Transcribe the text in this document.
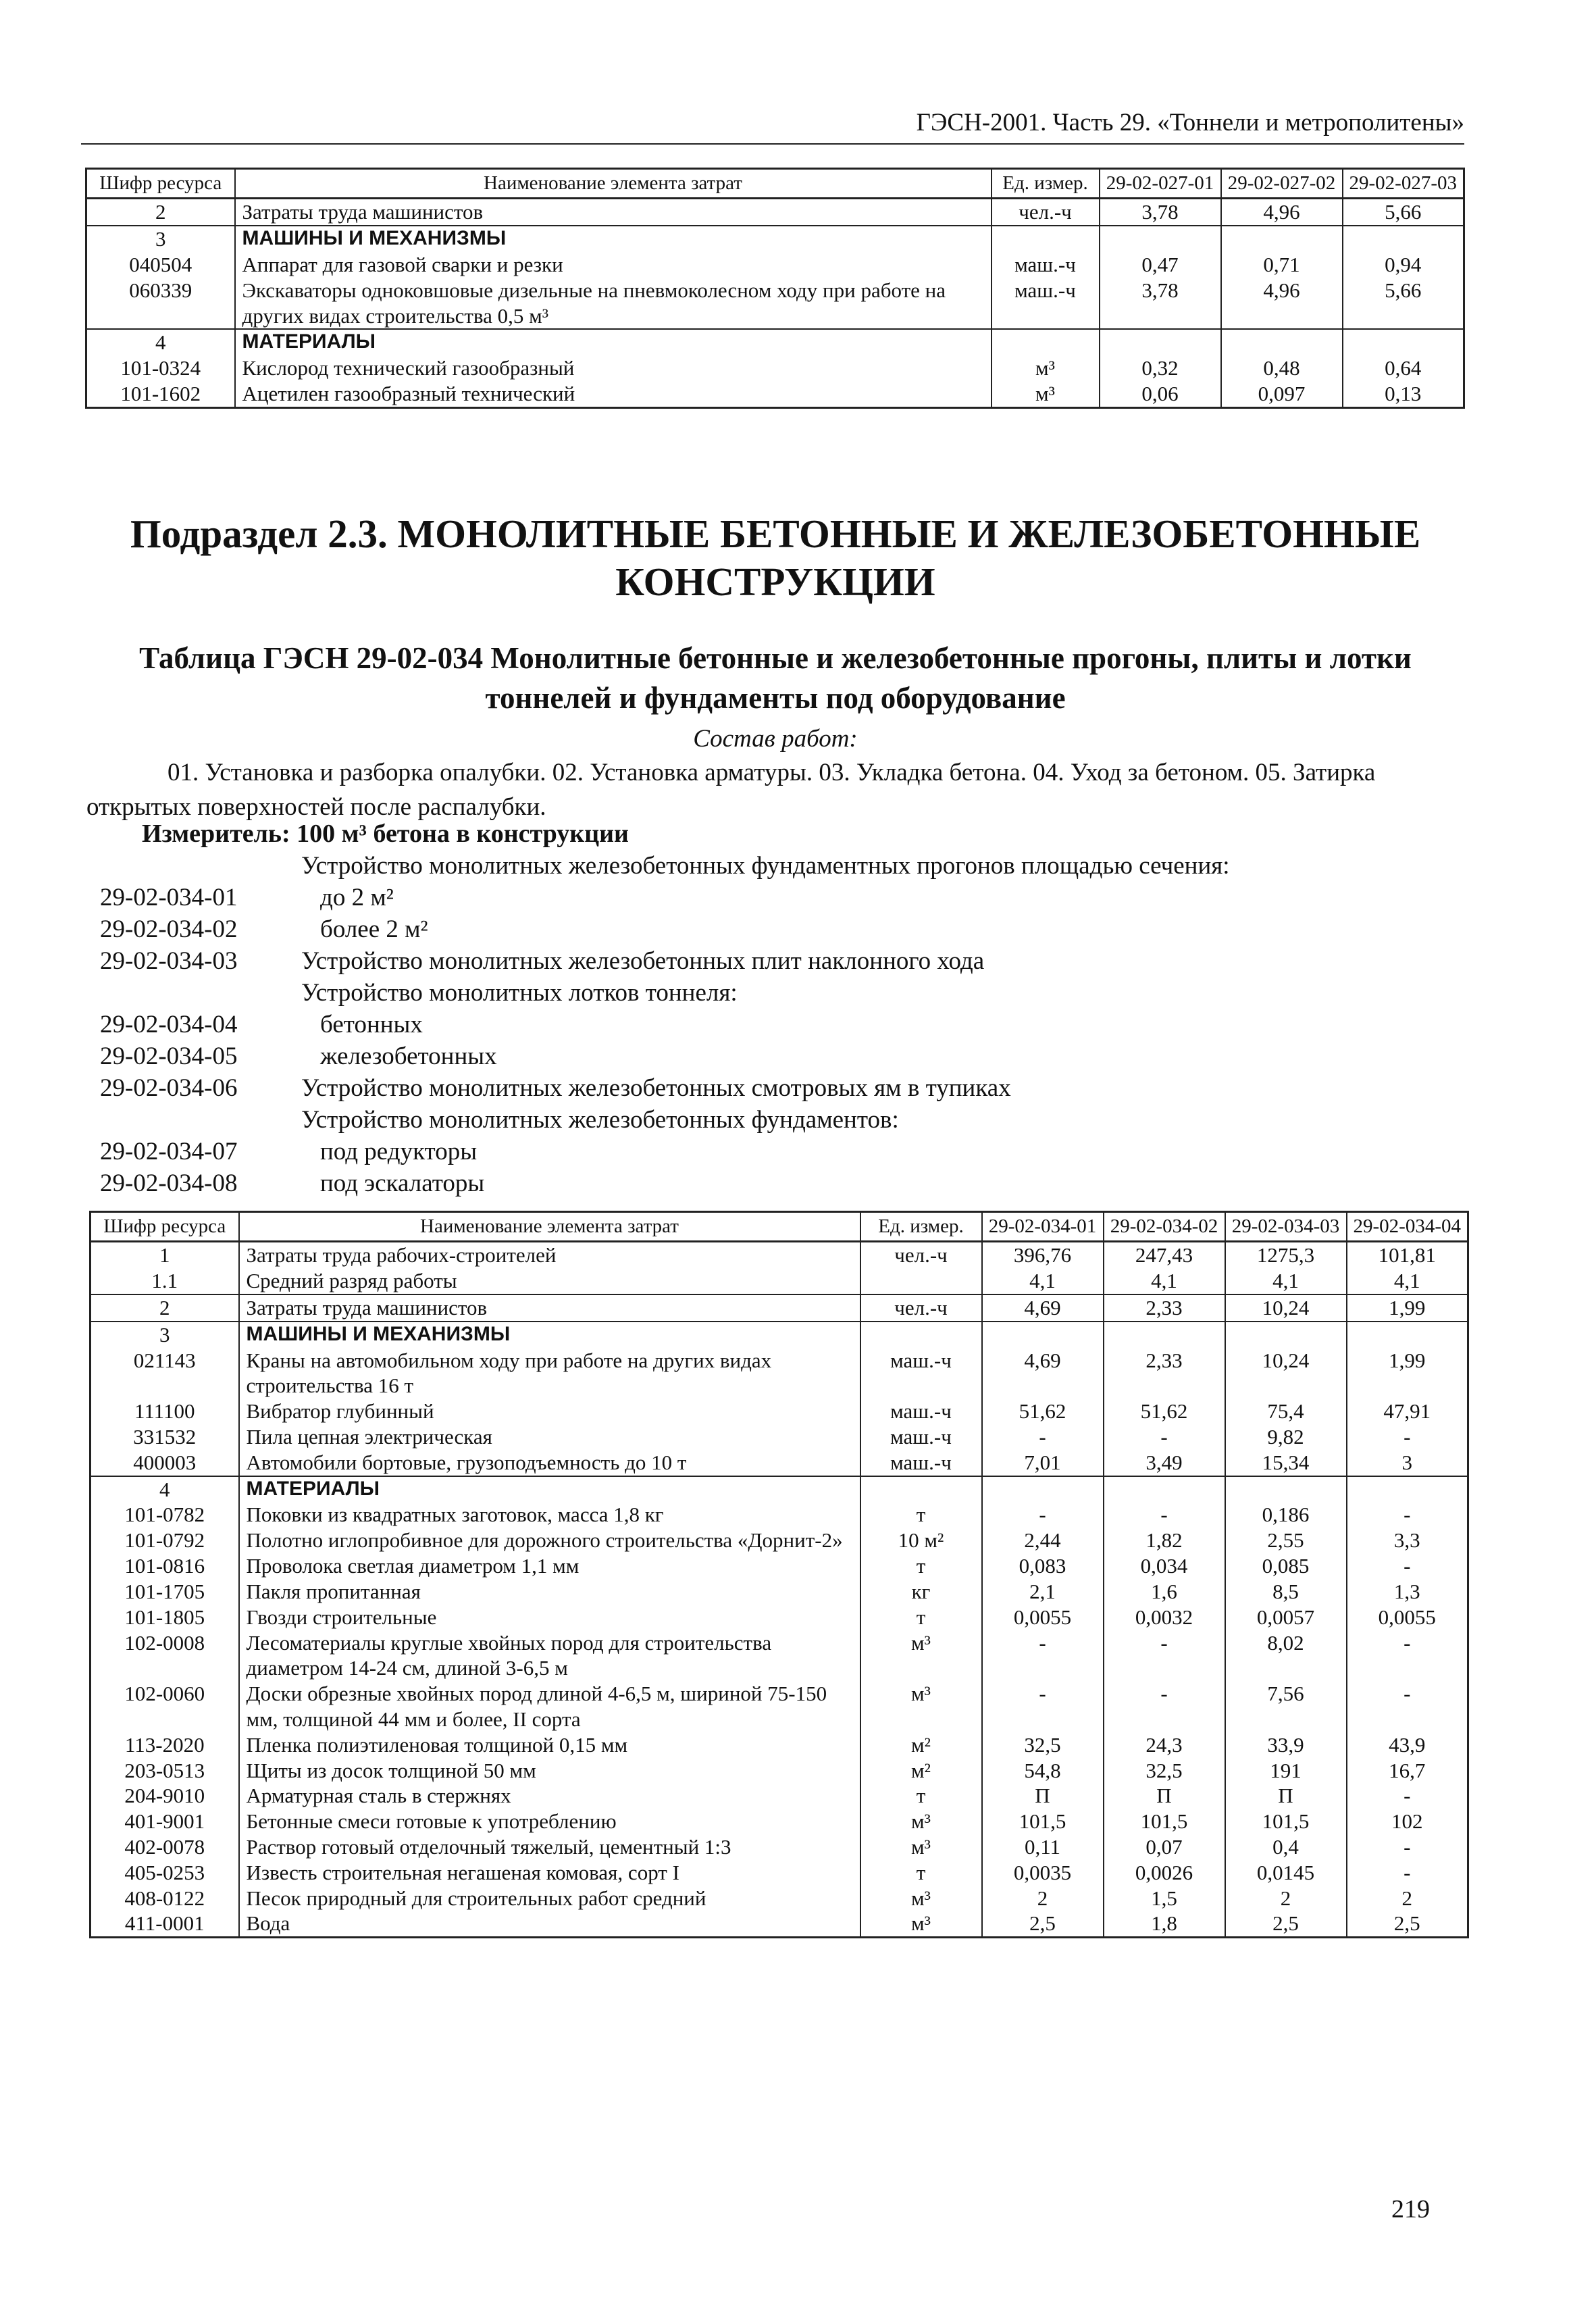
ГЭСН-2001. Часть 29. «Тоннели и метрополитены»
Шифр ресурса	Наименование элемента затрат	Ед. измер.	29-02-027-01	29-02-027-02	29-02-027-03
2	Затраты труда машинистов	чел.-ч	3,78	4,96	5,66
3	МАШИНЫ И МЕХАНИЗМЫ				
040504	Аппарат для газовой сварки и резки	маш.-ч	0,47	0,71	0,94
060339	Экскаваторы одноковшовые дизельные на пневмоколесном ходу при работе на других видах строительства 0,5 м³	маш.-ч	3,78	4,96	5,66
4	МАТЕРИАЛЫ				
101-0324	Кислород технический газообразный	м³	0,32	0,48	0,64
101-1602	Ацетилен газообразный технический	м³	0,06	0,097	0,13
Подраздел 2.3. МОНОЛИТНЫЕ БЕТОННЫЕ И ЖЕЛЕЗОБЕТОННЫЕ КОНСТРУКЦИИ
Таблица ГЭСН 29-02-034 Монолитные бетонные и железобетонные прогоны, плиты и лотки тоннелей и фундаменты под оборудование
Состав работ:
01. Установка и разборка опалубки. 02. Установка арматуры. 03. Укладка бетона. 04. Уход за бетоном. 05. Затирка открытых поверхностей после распалубки.
Измеритель: 100 м³ бетона в конструкции
Устройство монолитных железобетонных фундаментных прогонов площадью сечения:
29-02-034-01	до 2 м²
29-02-034-02	более 2 м²
29-02-034-03	Устройство монолитных железобетонных плит наклонного хода
Устройство монолитных лотков тоннеля:
29-02-034-04	бетонных
29-02-034-05	железобетонных
29-02-034-06	Устройство монолитных железобетонных смотровых ям в тупиках
Устройство монолитных железобетонных фундаментов:
29-02-034-07	под редукторы
29-02-034-08	под эскалаторы
Шифр ресурса	Наименование элемента затрат	Ед. измер.	29-02-034-01	29-02-034-02	29-02-034-03	29-02-034-04
1	Затраты труда рабочих-строителей	чел.-ч	396,76	247,43	1275,3	101,81
1.1	Средний разряд работы		4,1	4,1	4,1	4,1
2	Затраты труда машинистов	чел.-ч	4,69	2,33	10,24	1,99
3	МАШИНЫ И МЕХАНИЗМЫ					
021143	Краны на автомобильном ходу при работе на других видах строительства 16 т	маш.-ч	4,69	2,33	10,24	1,99
111100	Вибратор глубинный	маш.-ч	51,62	51,62	75,4	47,91
331532	Пила цепная электрическая	маш.-ч	-	-	9,82	-
400003	Автомобили бортовые, грузоподъемность до 10 т	маш.-ч	7,01	3,49	15,34	3
4	МАТЕРИАЛЫ					
101-0782	Поковки из квадратных заготовок, масса 1,8 кг	т	-	-	0,186	-
101-0792	Полотно иглопробивное для дорожного строительства «Дорнит-2»	10 м²	2,44	1,82	2,55	3,3
101-0816	Проволока светлая диаметром 1,1 мм	т	0,083	0,034	0,085	-
101-1705	Пакля пропитанная	кг	2,1	1,6	8,5	1,3
101-1805	Гвозди строительные	т	0,0055	0,0032	0,0057	0,0055
102-0008	Лесоматериалы круглые хвойных пород для строительства диаметром 14-24 см, длиной 3-6,5 м	м³	-	-	8,02	-
102-0060	Доски обрезные хвойных пород длиной 4-6,5 м, шириной 75-150 мм, толщиной 44 мм и более, II сорта	м³	-	-	7,56	-
113-2020	Пленка полиэтиленовая толщиной 0,15 мм	м²	32,5	24,3	33,9	43,9
203-0513	Щиты из досок толщиной 50 мм	м²	54,8	32,5	191	16,7
204-9010	Арматурная сталь в стержнях	т	П	П	П	-
401-9001	Бетонные смеси готовые к употреблению	м³	101,5	101,5	101,5	102
402-0078	Раствор готовый отделочный тяжелый, цементный 1:3	м³	0,11	0,07	0,4	-
405-0253	Известь строительная негашеная комовая, сорт I	т	0,0035	0,0026	0,0145	-
408-0122	Песок природный для строительных работ средний	м³	2	1,5	2	2
411-0001	Вода	м³	2,5	1,8	2,5	2,5
219
